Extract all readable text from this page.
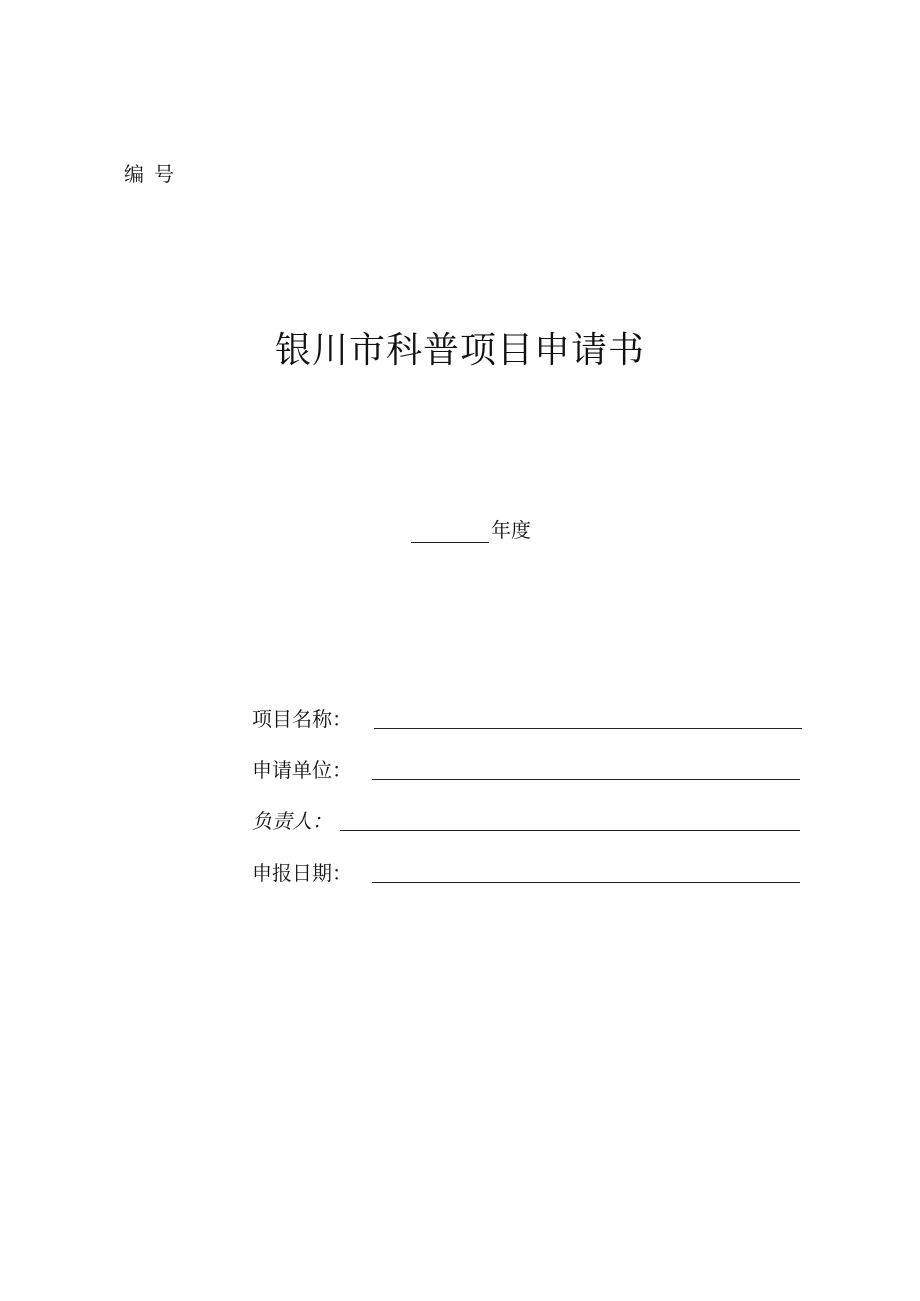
编号
银川市科普项目申请书
年度
项目名称：
申请单位：
负责人：
申报日期：
